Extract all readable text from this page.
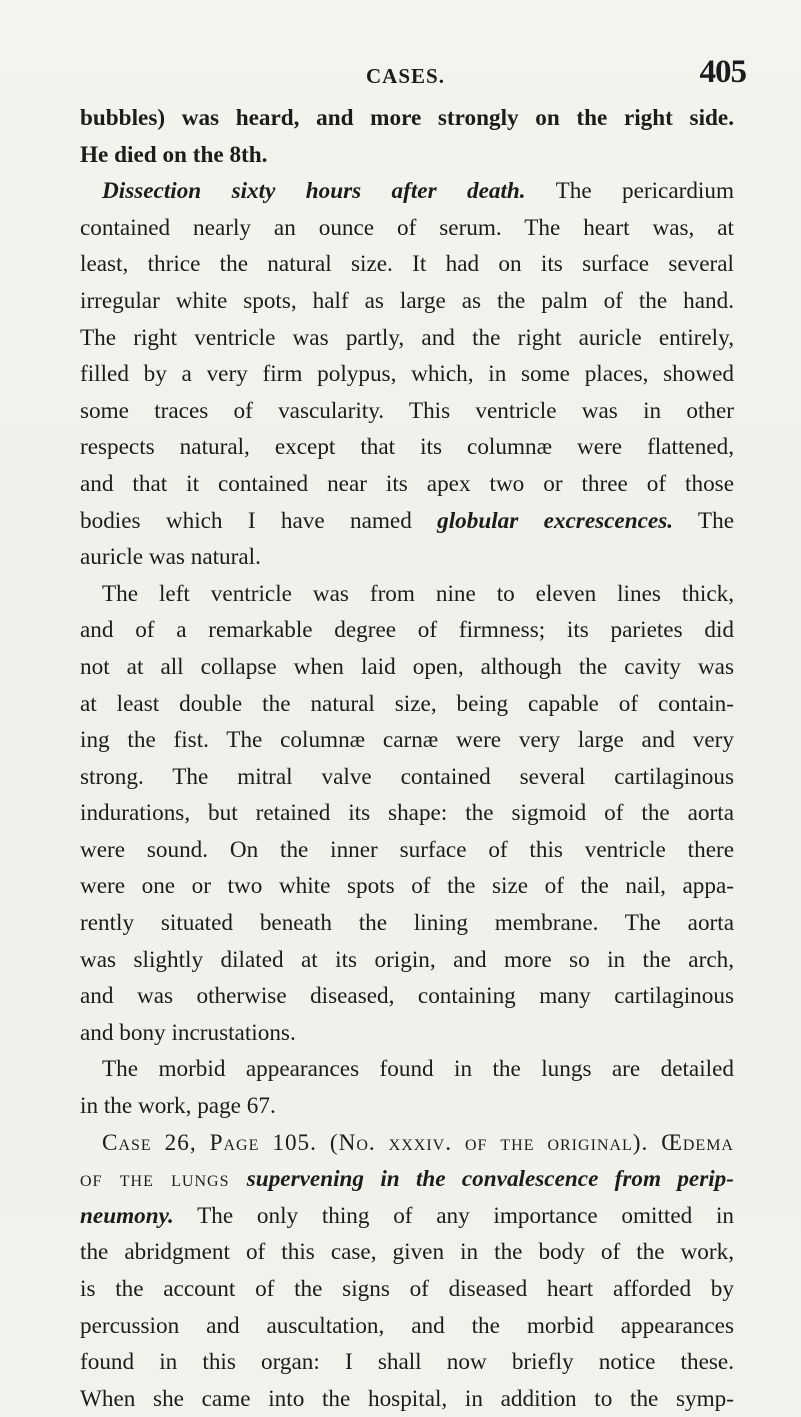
CASES.	405
bubbles) was heard, and more strongly on the right side.
He died on the 8th.
Dissection sixty hours after death. The pericardium
contained nearly an ounce of serum. The heart was, at
least, thrice the natural size. It had on its surface several
irregular white spots, half as large as the palm of the hand.
The right ventricle was partly, and the right auricle entirely,
filled by a very firm polypus, which, in some places, showed
some traces of vascularity. This ventricle was in other
respects natural, except that its columnæ were flattened,
and that it contained near its apex two or three of those
bodies which I have named globular excrescences. The
auricle was natural.
The left ventricle was from nine to eleven lines thick,
and of a remarkable degree of firmness; its parietes did
not at all collapse when laid open, although the cavity was
at least double the natural size, being capable of contain-
ing the fist. The columnæ carnæ were very large and very
strong. The mitral valve contained several cartilaginous
indurations, but retained its shape: the sigmoid of the aorta
were sound. On the inner surface of this ventricle there
were one or two white spots of the size of the nail, appa-
rently situated beneath the lining membrane. The aorta
was slightly dilated at its origin, and more so in the arch,
and was otherwise diseased, containing many cartilaginous
and bony incrustations.
The morbid appearances found in the lungs are detailed
in the work, page 67.
Case 26, Page 105. (No. xxxiv. of the original). Œdema
of the lungs supervening in the convalescence from perip-
neumony. The only thing of any importance omitted in
the abridgment of this case, given in the body of the work,
is the account of the signs of diseased heart afforded by
percussion and auscultation, and the morbid appearances
found in this organ: I shall now briefly notice these.
When she came into the hospital, in addition to the symp-
